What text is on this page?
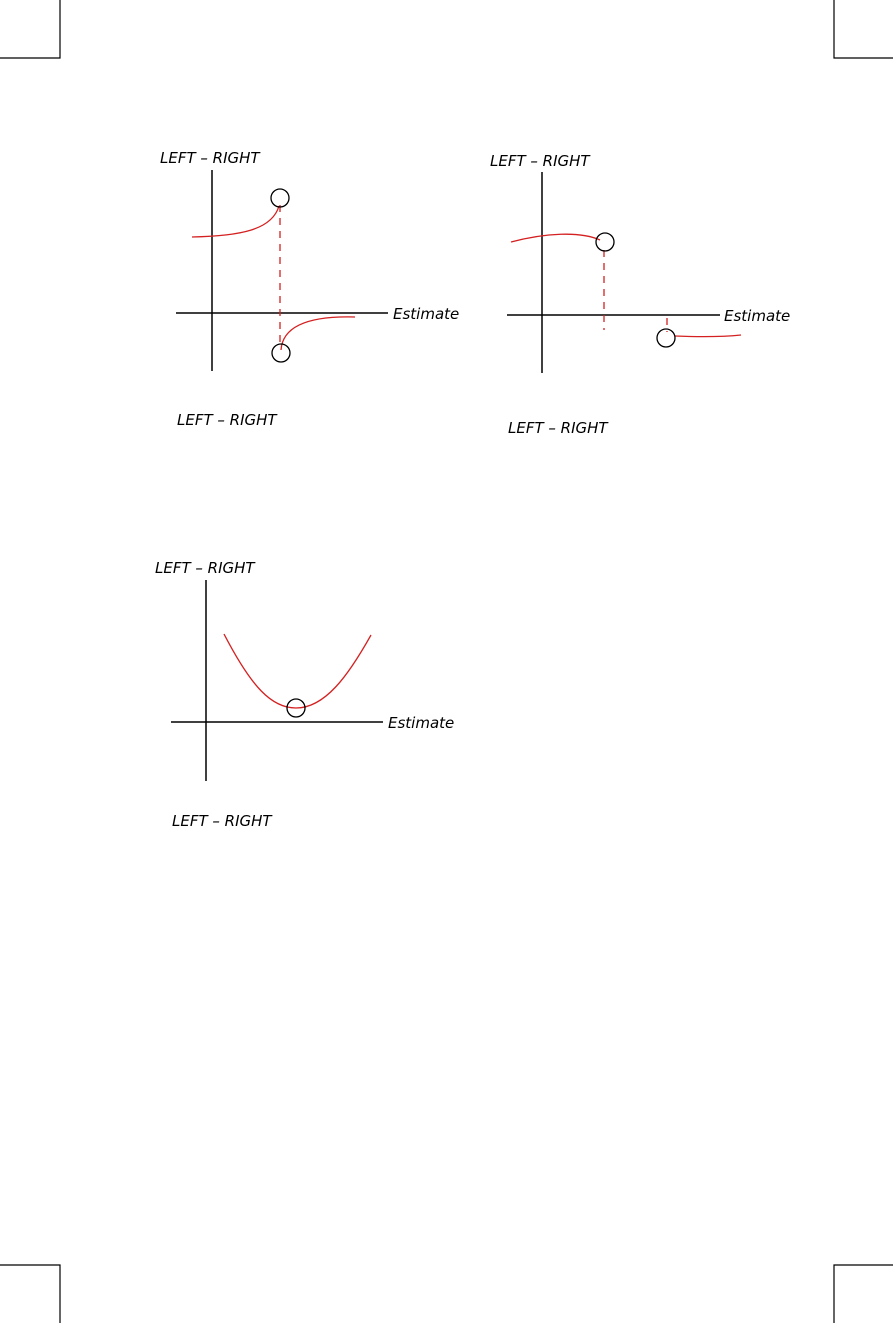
LEFT – RIGHT
Estimate
LEFT – RIGHT
LEFT – RIGHT
Estimate
LEFT – RIGHT
LEFT – RIGHT
Estimate
LEFT – RIGHT
